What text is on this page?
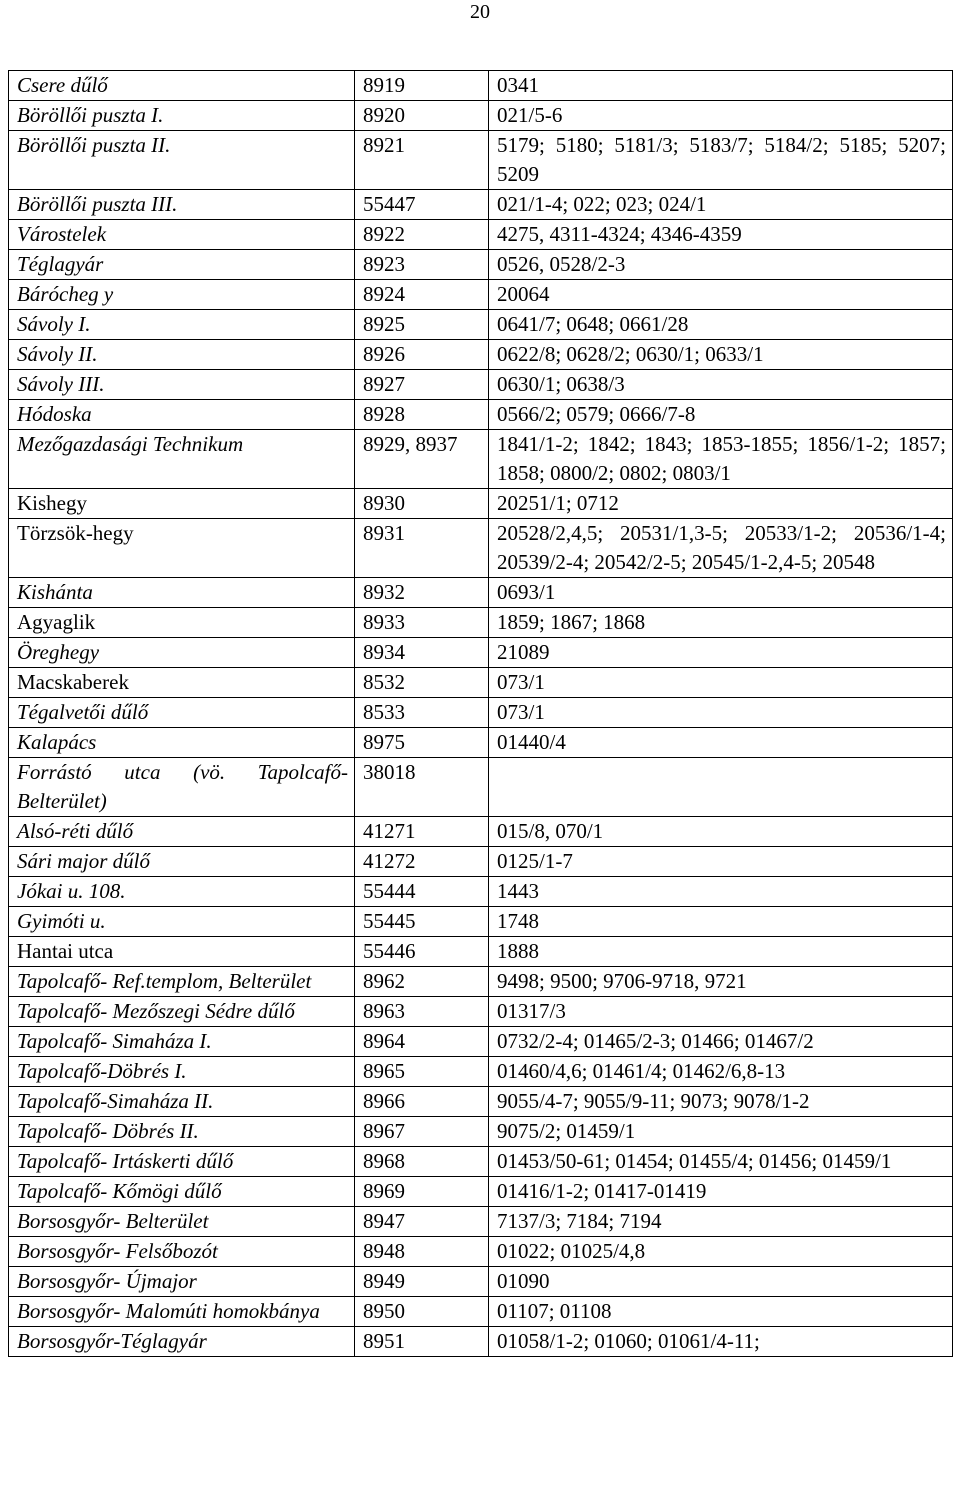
20
Csere dűlő	8919	0341
Böröllői puszta I.	8920	021/5-6
Böröllői puszta II.	8921	5179; 5180; 5181/3; 5183/7; 5184/2; 5185; 5207; 5209
Böröllői puszta III.	55447	021/1-4; 022; 023; 024/1
Várostelek	8922	4275, 4311-4324; 4346-4359
Téglagyár	8923	0526, 0528/2-3
Bárócheg y	8924	20064
Sávoly I.	8925	0641/7; 0648; 0661/28
Sávoly II.	8926	0622/8; 0628/2; 0630/1; 0633/1
Sávoly III.	8927	0630/1; 0638/3
Hódoska	8928	0566/2; 0579; 0666/7-8
Mezőgazdasági Technikum	8929, 8937	1841/1-2; 1842; 1843; 1853-1855; 1856/1-2; 1857; 1858; 0800/2; 0802; 0803/1
Kishegy	8930	20251/1; 0712
Törzsök-hegy	8931	20528/2,4,5; 20531/1,3-5; 20533/1-2; 20536/1-4; 20539/2-4; 20542/2-5; 20545/1-2,4-5; 20548
Kishánta	8932	0693/1
Agyaglik	8933	1859; 1867; 1868
Öreghegy	8934	21089
Macskaberek	8532	073/1
Tégalvetői dűlő	8533	073/1
Kalapács	8975	01440/4
Forrástó utca (vö. Tapolcafő-Belterület)	38018	
Alsó-réti dűlő	41271	015/8, 070/1
Sári major dűlő	41272	0125/1-7
Jókai u. 108.	55444	1443
Gyimóti u.	55445	1748
Hantai utca	55446	1888
Tapolcafő- Ref.templom, Belterület	8962	9498; 9500; 9706-9718, 9721
Tapolcafő- Mezőszegi Sédre dűlő	8963	01317/3
Tapolcafő- Simaháza I.	8964	0732/2-4; 01465/2-3; 01466; 01467/2
Tapolcafő-Döbrés I.	8965	01460/4,6; 01461/4; 01462/6,8-13
Tapolcafő-Simaháza II.	8966	9055/4-7; 9055/9-11; 9073; 9078/1-2
Tapolcafő- Döbrés II.	8967	9075/2; 01459/1
Tapolcafő- Irtáskerti dűlő	8968	01453/50-61; 01454; 01455/4; 01456; 01459/1
Tapolcafő- Kőmögi dűlő	8969	01416/1-2; 01417-01419
Borsosgyőr- Belterület	8947	7137/3; 7184; 7194
Borsosgyőr- Felsőbozót	8948	01022; 01025/4,8
Borsosgyőr- Újmajor	8949	01090
Borsosgyőr- Malomúti homokbánya	8950	01107; 01108
Borsosgyőr-Téglagyár	8951	01058/1-2; 01060; 01061/4-11;
